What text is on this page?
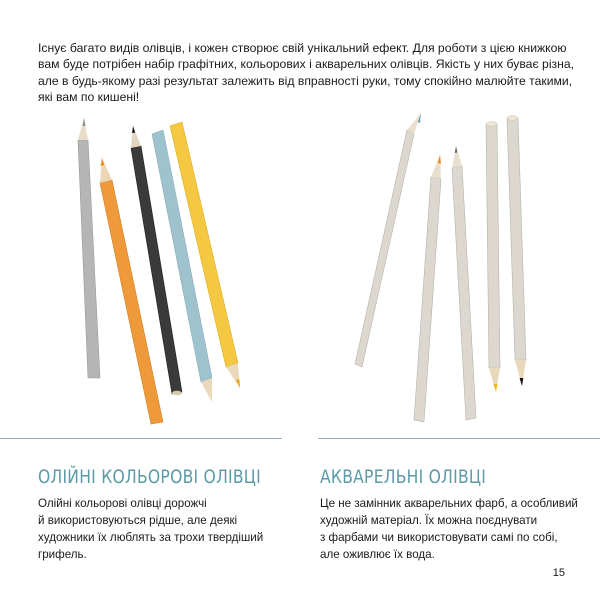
Існує багато видів олівців, і кожен створює свій унікальний ефект. Для роботи з цією книжкою
вам буде потрібен набір графітних, кольорових і акварельних олівців. Якість у них буває різна,
але в будь-якому разі результат залежить від вправності руки, тому спокійно малюйте такими,
які вам по кишені!

ОЛІЙНІ КОЛЬОРОВІ ОЛІВЦІ

Олійні кольорові олівці дорожчі
й використовуються рідше, але деякі
художники їх люблять за трохи твердіший
грифель.

АКВАРЕЛЬНІ ОЛІВЦІ

Це не замінник акварельних фарб, а особливий
художній матеріал. Їх можна поєднувати
з фарбами чи використовувати самі по собі,
але оживлює їх вода.

15
